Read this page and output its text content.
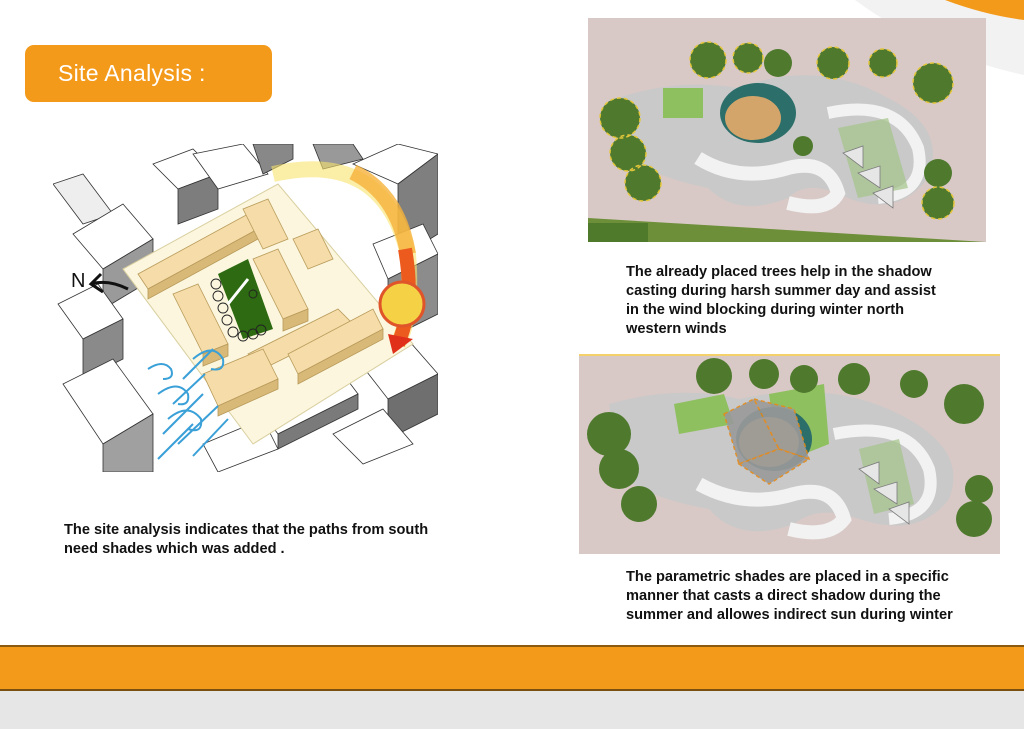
Site Analysis :
N
The site analysis indicates that the paths from south
need shades which was added .
The already placed trees help in the shadow
casting during harsh summer day and assist
in the wind blocking during winter north
western winds
The parametric shades are placed in a specific
manner that casts a direct shadow during the
summer and allowes indirect sun during winter
